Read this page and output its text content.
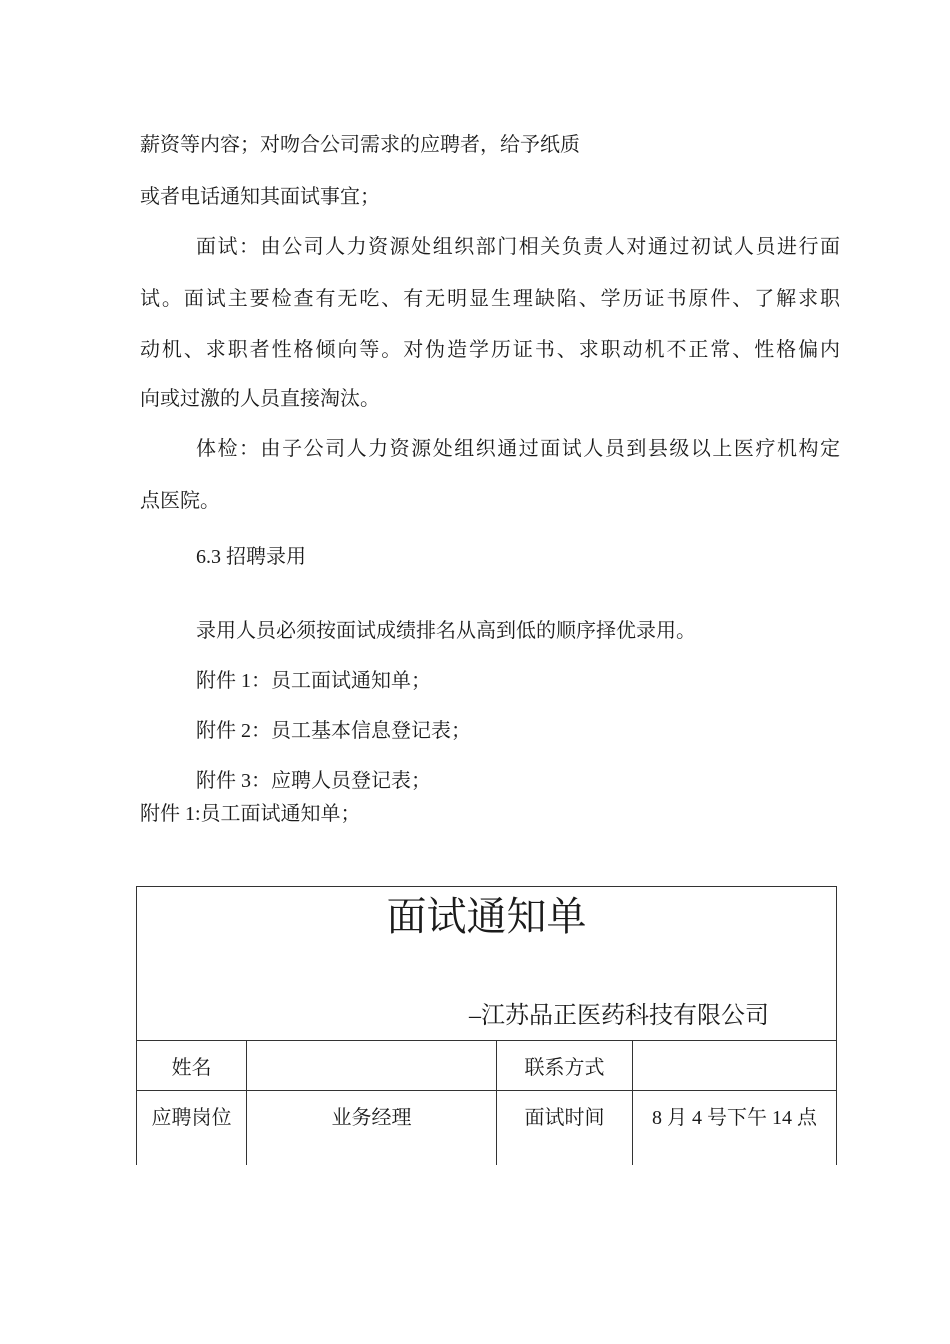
薪资等内容；对吻合公司需求的应聘者，给予纸质
或者电话通知其面试事宜；
面试：由公司人力资源处组织部门相关负责人对通过初试人员进行面
试。面试主要检查有无吃、有无明显生理缺陷、学历证书原件、了解求职
动机、求职者性格倾向等。对伪造学历证书、求职动机不正常、性格偏内
向或过激的人员直接淘汰。
体检：由子公司人力资源处组织通过面试人员到县级以上医疗机构定
点医院。
6.3 招聘录用
录用人员必须按面试成绩排名从高到低的顺序择优录用。
附件 1：员工面试通知单；
附件 2：员工基本信息登记表；
附件 3：应聘人员登记表；
附件 1:员工面试通知单；
面试通知单
–江苏品正医药科技有限公司			

姓名		联系方式	
应聘岗位	业务经理	面试时间	8 月 4 号下午 14 点
